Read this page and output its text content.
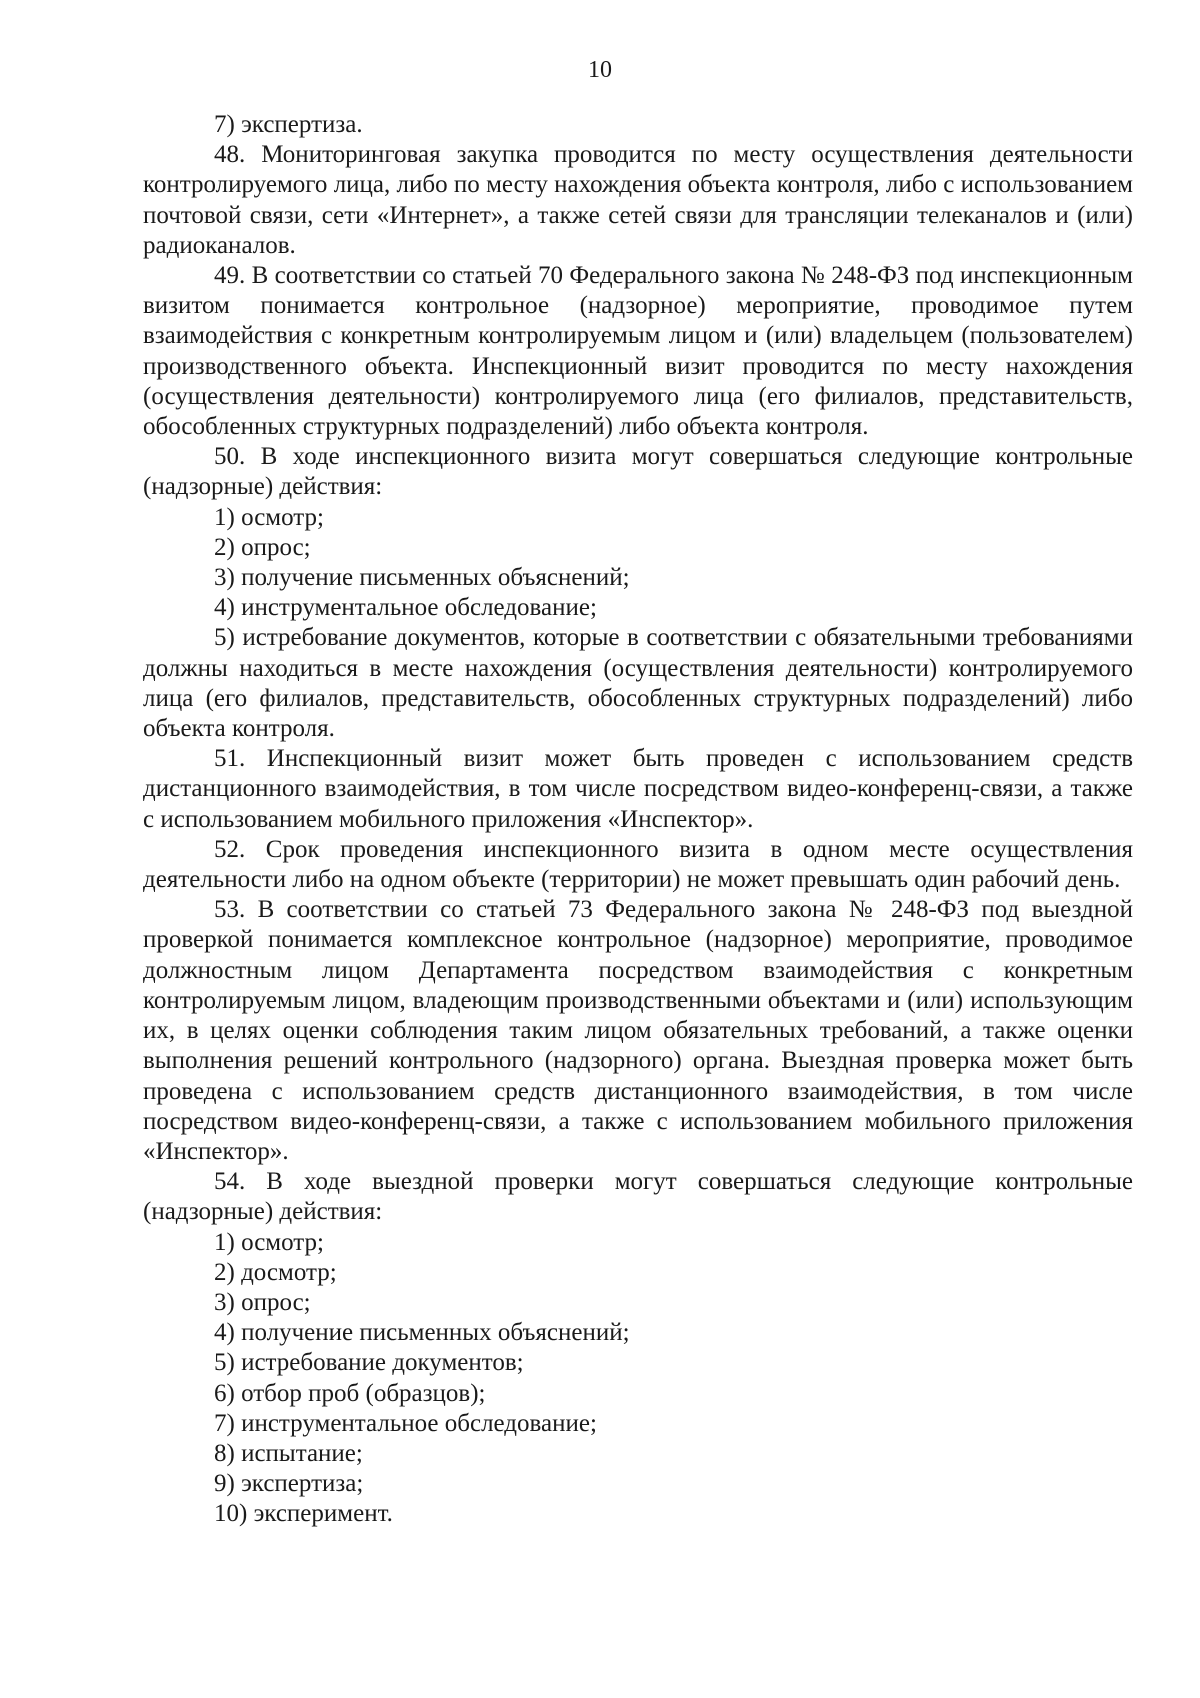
10

7) экспертиза.

48. Мониторинговая закупка проводится по месту осуществления деятельности контролируемого лица, либо по месту нахождения объекта контроля, либо с использованием почтовой связи, сети «Интернет», а также сетей связи для трансляции телеканалов и (или) радиоканалов.

49. В соответствии со статьей 70 Федерального закона № 248-ФЗ под инспекционным визитом понимается контрольное (надзорное) мероприятие, проводимое путем взаимодействия с конкретным контролируемым лицом и (или) владельцем (пользователем) производственного объекта. Инспекционный визит проводится по месту нахождения (осуществления деятельности) контролируемого лица (его филиалов, представительств, обособленных структурных подразделений) либо объекта контроля.

50. В ходе инспекционного визита могут совершаться следующие контрольные (надзорные) действия:

1) осмотр;

2) опрос;

3) получение письменных объяснений;

4) инструментальное обследование;

5) истребование документов, которые в соответствии с обязательными требованиями должны находиться в месте нахождения (осуществления деятельности) контролируемого лица (его филиалов, представительств, обособленных структурных подразделений) либо объекта контроля.

51. Инспекционный визит может быть проведен с использованием средств дистанционного взаимодействия, в том числе посредством видео-конференц-связи, а также с использованием мобильного приложения «Инспектор».

52. Срок проведения инспекционного визита в одном месте осуществления деятельности либо на одном объекте (территории) не может превышать один рабочий день.

53. В соответствии со статьей 73 Федерального закона № 248-ФЗ под выездной проверкой понимается комплексное контрольное (надзорное) мероприятие, проводимое должностным лицом Департамента посредством взаимодействия с конкретным контролируемым лицом, владеющим производственными объектами и (или) использующим их, в целях оценки соблюдения таким лицом обязательных требований, а также оценки выполнения решений контрольного (надзорного) органа. Выездная проверка может быть проведена с использованием средств дистанционного взаимодействия, в том числе посредством видео-конференц-связи, а также с использованием мобильного приложения «Инспектор».

54. В ходе выездной проверки могут совершаться следующие контрольные (надзорные) действия:

1) осмотр;

2) досмотр;

3) опрос;

4) получение письменных объяснений;

5) истребование документов;

6) отбор проб (образцов);

7) инструментальное обследование;

8) испытание;

9) экспертиза;

10) эксперимент.
